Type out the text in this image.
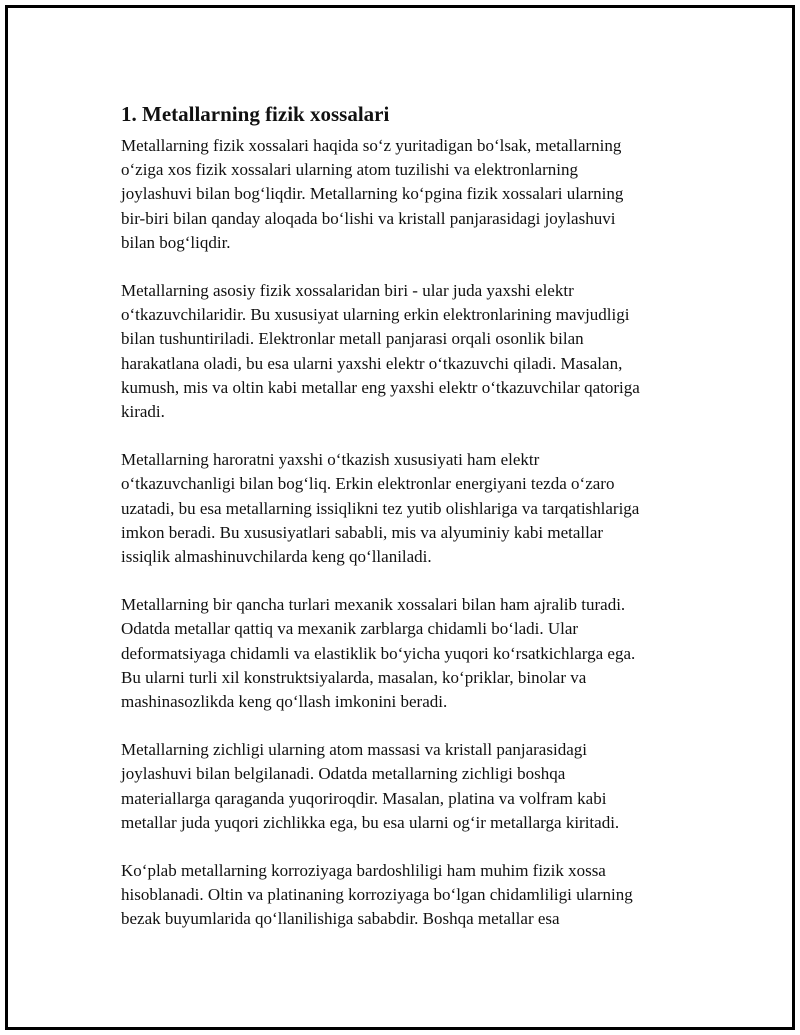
1. Metallarning fizik xossalari

Metallarning fizik xossalari haqida so‘z yuritadigan bo‘lsak, metallarning
o‘ziga xos fizik xossalari ularning atom tuzilishi va elektronlarning
joylashuvi bilan bog‘liqdir. Metallarning ko‘pgina fizik xossalari ularning
bir-biri bilan qanday aloqada bo‘lishi va kristall panjarasidagi joylashuvi
bilan bog‘liqdir.

Metallarning asosiy fizik xossalaridan biri - ular juda yaxshi elektr
o‘tkazuvchilaridir. Bu xususiyat ularning erkin elektronlarining mavjudligi
bilan tushuntiriladi. Elektronlar metall panjarasi orqali osonlik bilan
harakatlana oladi, bu esa ularni yaxshi elektr o‘tkazuvchi qiladi. Masalan,
kumush, mis va oltin kabi metallar eng yaxshi elektr o‘tkazuvchilar qatoriga
kiradi.

Metallarning haroratni yaxshi o‘tkazish xususiyati ham elektr
o‘tkazuvchanligi bilan bog‘liq. Erkin elektronlar energiyani tezda o‘zaro
uzatadi, bu esa metallarning issiqlikni tez yutib olishlariga va tarqatishlariga
imkon beradi. Bu xususiyatlari sababli, mis va alyuminiy kabi metallar
issiqlik almashinuvchilarda keng qo‘llaniladi.

Metallarning bir qancha turlari mexanik xossalari bilan ham ajralib turadi.
Odatda metallar qattiq va mexanik zarblarga chidamli bo‘ladi. Ular
deformatsiyaga chidamli va elastiklik bo‘yicha yuqori ko‘rsatkichlarga ega.
Bu ularni turli xil konstruktsiyalarda, masalan, ko‘priklar, binolar va
mashinasozlikda keng qo‘llash imkonini beradi.

Metallarning zichligi ularning atom massasi va kristall panjarasidagi
joylashuvi bilan belgilanadi. Odatda metallarning zichligi boshqa
materiallarga qaraganda yuqoriroqdir. Masalan, platina va volfram kabi
metallar juda yuqori zichlikka ega, bu esa ularni og‘ir metallarga kiritadi.

Ko‘plab metallarning korroziyaga bardoshliligi ham muhim fizik xossa
hisoblanadi. Oltin va platinaning korroziyaga bo‘lgan chidamliligi ularning
bezak buyumlarida qo‘llanilishiga sababdir. Boshqa metallar esa
